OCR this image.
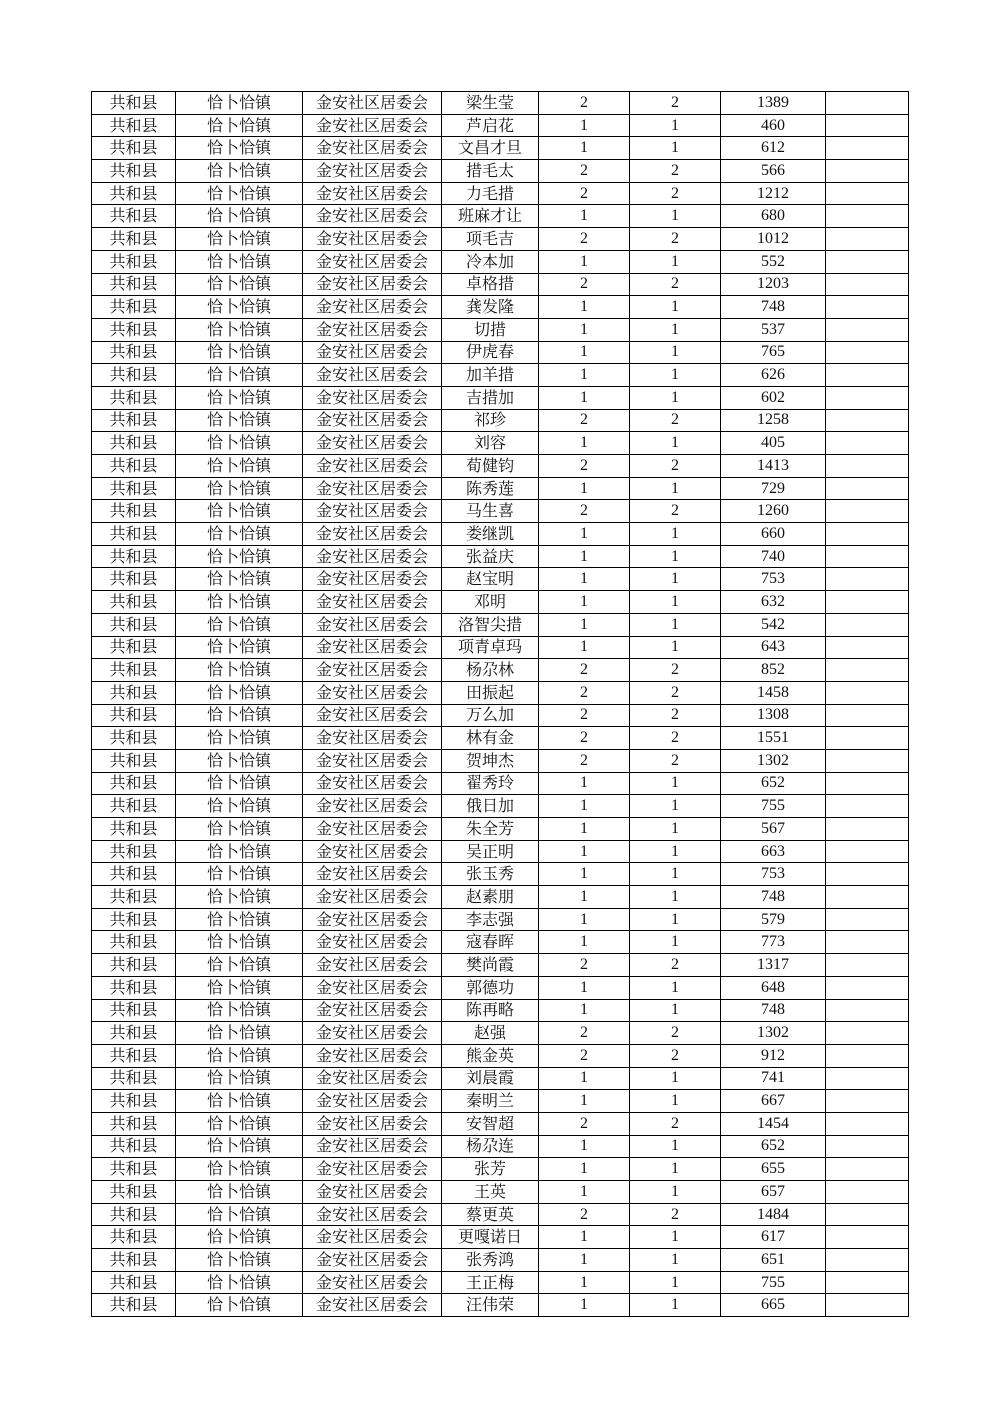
共和县	恰卜恰镇	金安社区居委会	梁生莹	2	2	1389	
共和县	恰卜恰镇	金安社区居委会	芦启花	1	1	460	
共和县	恰卜恰镇	金安社区居委会	文昌才旦	1	1	612	
共和县	恰卜恰镇	金安社区居委会	措毛太	2	2	566	
共和县	恰卜恰镇	金安社区居委会	力毛措	2	2	1212	
共和县	恰卜恰镇	金安社区居委会	班麻才让	1	1	680	
共和县	恰卜恰镇	金安社区居委会	项毛吉	2	2	1012	
共和县	恰卜恰镇	金安社区居委会	冷本加	1	1	552	
共和县	恰卜恰镇	金安社区居委会	卓格措	2	2	1203	
共和县	恰卜恰镇	金安社区居委会	龚发隆	1	1	748	
共和县	恰卜恰镇	金安社区居委会	切措	1	1	537	
共和县	恰卜恰镇	金安社区居委会	伊虎春	1	1	765	
共和县	恰卜恰镇	金安社区居委会	加羊措	1	1	626	
共和县	恰卜恰镇	金安社区居委会	吉措加	1	1	602	
共和县	恰卜恰镇	金安社区居委会	祁珍	2	2	1258	
共和县	恰卜恰镇	金安社区居委会	刘容	1	1	405	
共和县	恰卜恰镇	金安社区居委会	荀健钧	2	2	1413	
共和县	恰卜恰镇	金安社区居委会	陈秀莲	1	1	729	
共和县	恰卜恰镇	金安社区居委会	马生喜	2	2	1260	
共和县	恰卜恰镇	金安社区居委会	娄继凯	1	1	660	
共和县	恰卜恰镇	金安社区居委会	张益庆	1	1	740	
共和县	恰卜恰镇	金安社区居委会	赵宝明	1	1	753	
共和县	恰卜恰镇	金安社区居委会	邓明	1	1	632	
共和县	恰卜恰镇	金安社区居委会	洛智尖措	1	1	542	
共和县	恰卜恰镇	金安社区居委会	项青卓玛	1	1	643	
共和县	恰卜恰镇	金安社区居委会	杨尕林	2	2	852	
共和县	恰卜恰镇	金安社区居委会	田振起	2	2	1458	
共和县	恰卜恰镇	金安社区居委会	万么加	2	2	1308	
共和县	恰卜恰镇	金安社区居委会	林有金	2	2	1551	
共和县	恰卜恰镇	金安社区居委会	贺坤杰	2	2	1302	
共和县	恰卜恰镇	金安社区居委会	翟秀玲	1	1	652	
共和县	恰卜恰镇	金安社区居委会	俄日加	1	1	755	
共和县	恰卜恰镇	金安社区居委会	朱全芳	1	1	567	
共和县	恰卜恰镇	金安社区居委会	吴正明	1	1	663	
共和县	恰卜恰镇	金安社区居委会	张玉秀	1	1	753	
共和县	恰卜恰镇	金安社区居委会	赵素朋	1	1	748	
共和县	恰卜恰镇	金安社区居委会	李志强	1	1	579	
共和县	恰卜恰镇	金安社区居委会	寇春晖	1	1	773	
共和县	恰卜恰镇	金安社区居委会	樊尚霞	2	2	1317	
共和县	恰卜恰镇	金安社区居委会	郭德功	1	1	648	
共和县	恰卜恰镇	金安社区居委会	陈再略	1	1	748	
共和县	恰卜恰镇	金安社区居委会	赵强	2	2	1302	
共和县	恰卜恰镇	金安社区居委会	熊金英	2	2	912	
共和县	恰卜恰镇	金安社区居委会	刘晨霞	1	1	741	
共和县	恰卜恰镇	金安社区居委会	秦明兰	1	1	667	
共和县	恰卜恰镇	金安社区居委会	安智超	2	2	1454	
共和县	恰卜恰镇	金安社区居委会	杨尕连	1	1	652	
共和县	恰卜恰镇	金安社区居委会	张芳	1	1	655	
共和县	恰卜恰镇	金安社区居委会	王英	1	1	657	
共和县	恰卜恰镇	金安社区居委会	蔡更英	2	2	1484	
共和县	恰卜恰镇	金安社区居委会	更嘎诺日	1	1	617	
共和县	恰卜恰镇	金安社区居委会	张秀鸿	1	1	651	
共和县	恰卜恰镇	金安社区居委会	王正梅	1	1	755	
共和县	恰卜恰镇	金安社区居委会	汪伟荣	1	1	665	
